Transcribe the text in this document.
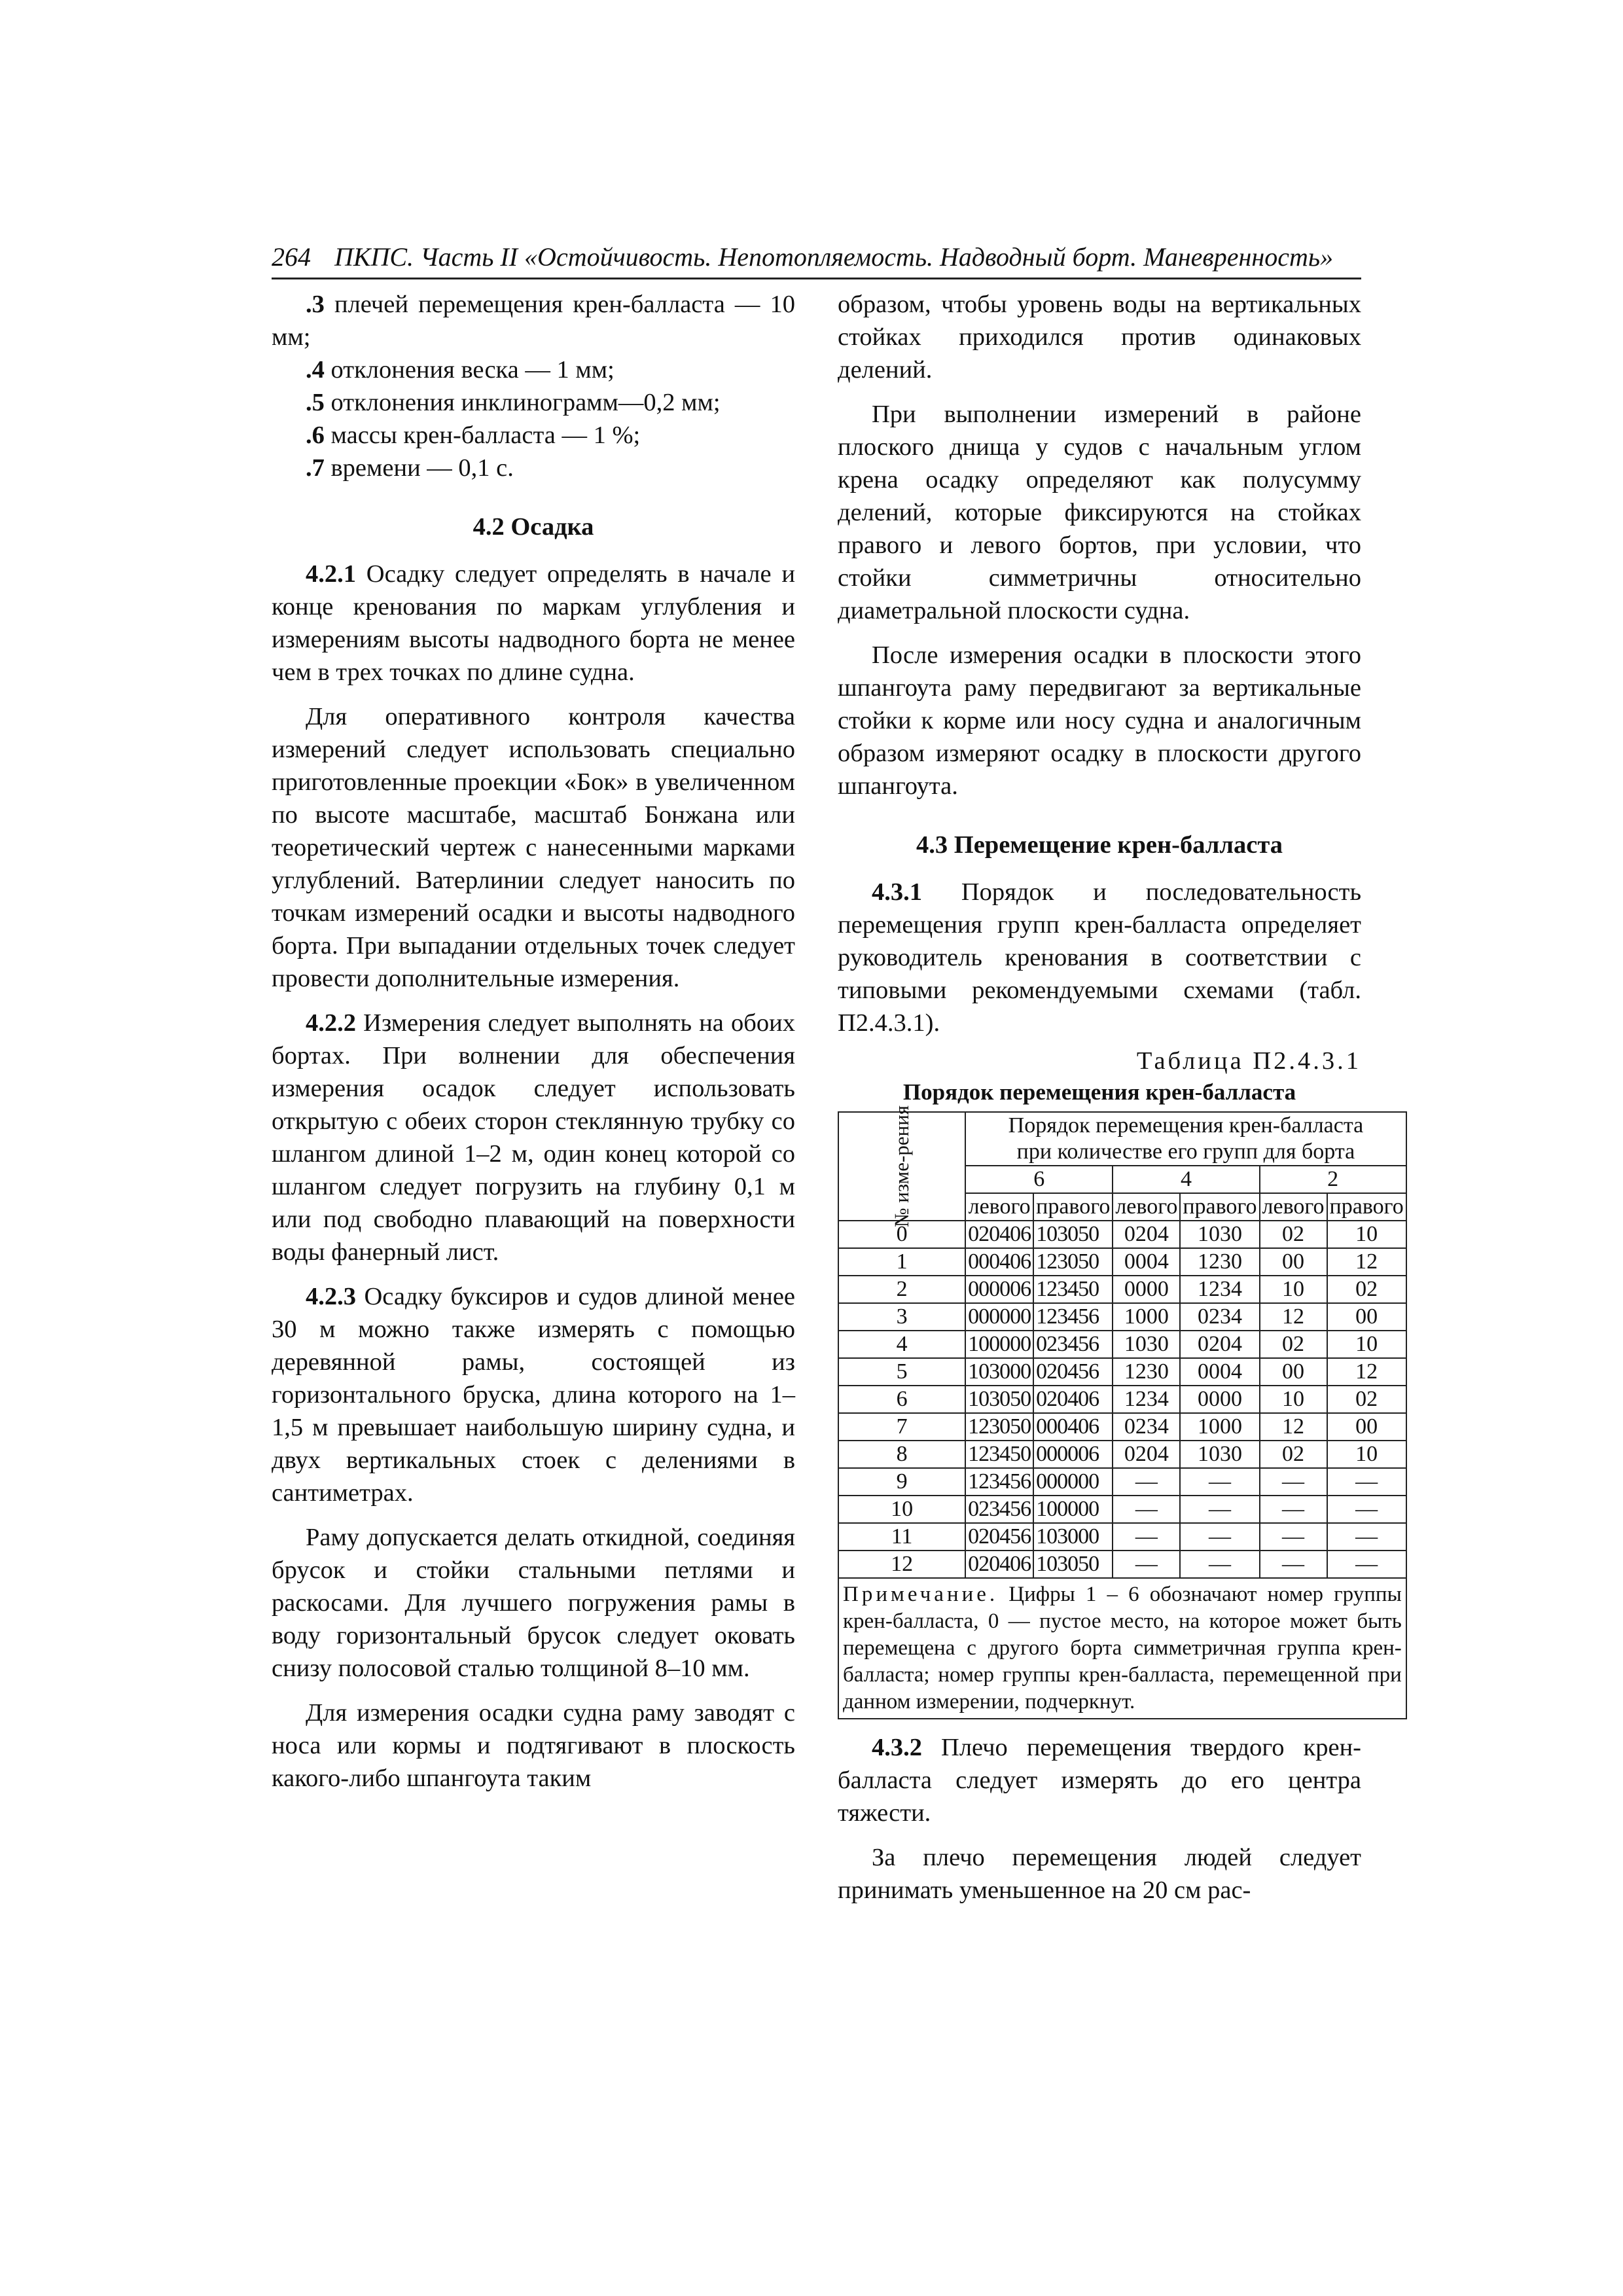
264 ПКПС. Часть II «Остойчивость. Непотопляемость. Надводный борт. Маневренность»

.3 плечей перемещения крен-балласта — 10 мм;

.4 отклонения веска — 1 мм;

.5 отклонения инклинограмм—0,2 мм;

.6 массы крен-балласта — 1 %;

.7 времени — 0,1 с.

4.2 Осадка

4.2.1 Осадку следует определять в начале и конце кренования по маркам углубления и измерениям высоты надводного борта не менее чем в трех точках по длине судна.

Для оперативного контроля качества измерений следует использовать специально приготовленные проекции «Бок» в увеличенном по высоте масштабе, масштаб Бонжана или теоретический чертеж с нанесенными марками углублений. Ватерлинии следует наносить по точкам измерений осадки и высоты надводного борта. При выпадании отдельных точек следует провести дополнительные измерения.

4.2.2 Измерения следует выполнять на обоих бортах. При волнении для обеспечения измерения осадок следует использовать открытую с обеих сторон стеклянную трубку со шлангом длиной 1–2 м, один конец которой со шлангом следует погрузить на глубину 0,1 м или под свободно плавающий на поверхности воды фанерный лист.

4.2.3 Осадку буксиров и судов длиной менее 30 м можно также измерять с помощью деревянной рамы, состоящей из горизонтального бруска, длина которого на 1–1,5 м превышает наибольшую ширину судна, и двух вертикальных стоек с делениями в сантиметрах.

Раму допускается делать откидной, соединяя брусок и стойки стальными петлями и раскосами. Для лучшего погружения рамы в воду горизонтальный брусок следует оковать снизу полосовой сталью толщиной 8–10 мм.

Для измерения осадки судна раму заводят с носа или кормы и подтягивают в плоскость какого-либо шпангоута таким

образом, чтобы уровень воды на вертикальных стойках приходился против одинаковых делений.

При выполнении измерений в районе плоского днища у судов с начальным углом крена осадку определяют как полусумму делений, которые фиксируются на стойках правого и левого бортов, при условии, что стойки симметричны относительно диаметральной плоскости судна.

После измерения осадки в плоскости этого шпангоута раму передвигают за вертикальные стойки к корме или носу судна и аналогичным образом измеряют осадку в плоскости другого шпангоута.

4.3 Перемещение крен-балласта

4.3.1 Порядок и последовательность перемещения групп крен-балласта определяет руководитель кренования в соответствии с типовыми рекомендуемыми схемами (табл. П2.4.3.1).

Таблица П2.4.3.1

Порядок перемещения крен-балласта

№ изме-рения	Порядок перемещения крен-балласта
при количестве его групп для борта					
	6		4		2	
	левого	правого	левого	правого	левого	правого
0	020406	103050	0204	1030	02	10
1	000406	123050	0004	1230	00	12
2	000006	123450	0000	1234	10	02
3	000000	123456	1000	0234	12	00
4	100000	023456	1030	0204	02	10
5	103000	020456	1230	0004	00	12
6	103050	020406	1234	0000	10	02
7	123050	000406	0234	1000	12	00
8	123450	000006	0204	1030	02	10
9	123456	000000	—	—	—	—
10	023456	100000	—	—	—	—
11	020456	103000	—	—	—	—
12	020406	103050	—	—	—	—
Примечание. Цифры 1 – 6 обозначают номер группы крен-балласта, 0 — пустое место, на которое может быть перемещена с другого борта симметричная группа крен-балласта; номер группы крен-балласта, перемещенной при данном измерении, подчеркнут.						

4.3.2 Плечо перемещения твердого крен-балласта следует измерять до его центра тяжести.

За плечо перемещения людей следует принимать уменьшенное на 20 см рас-
